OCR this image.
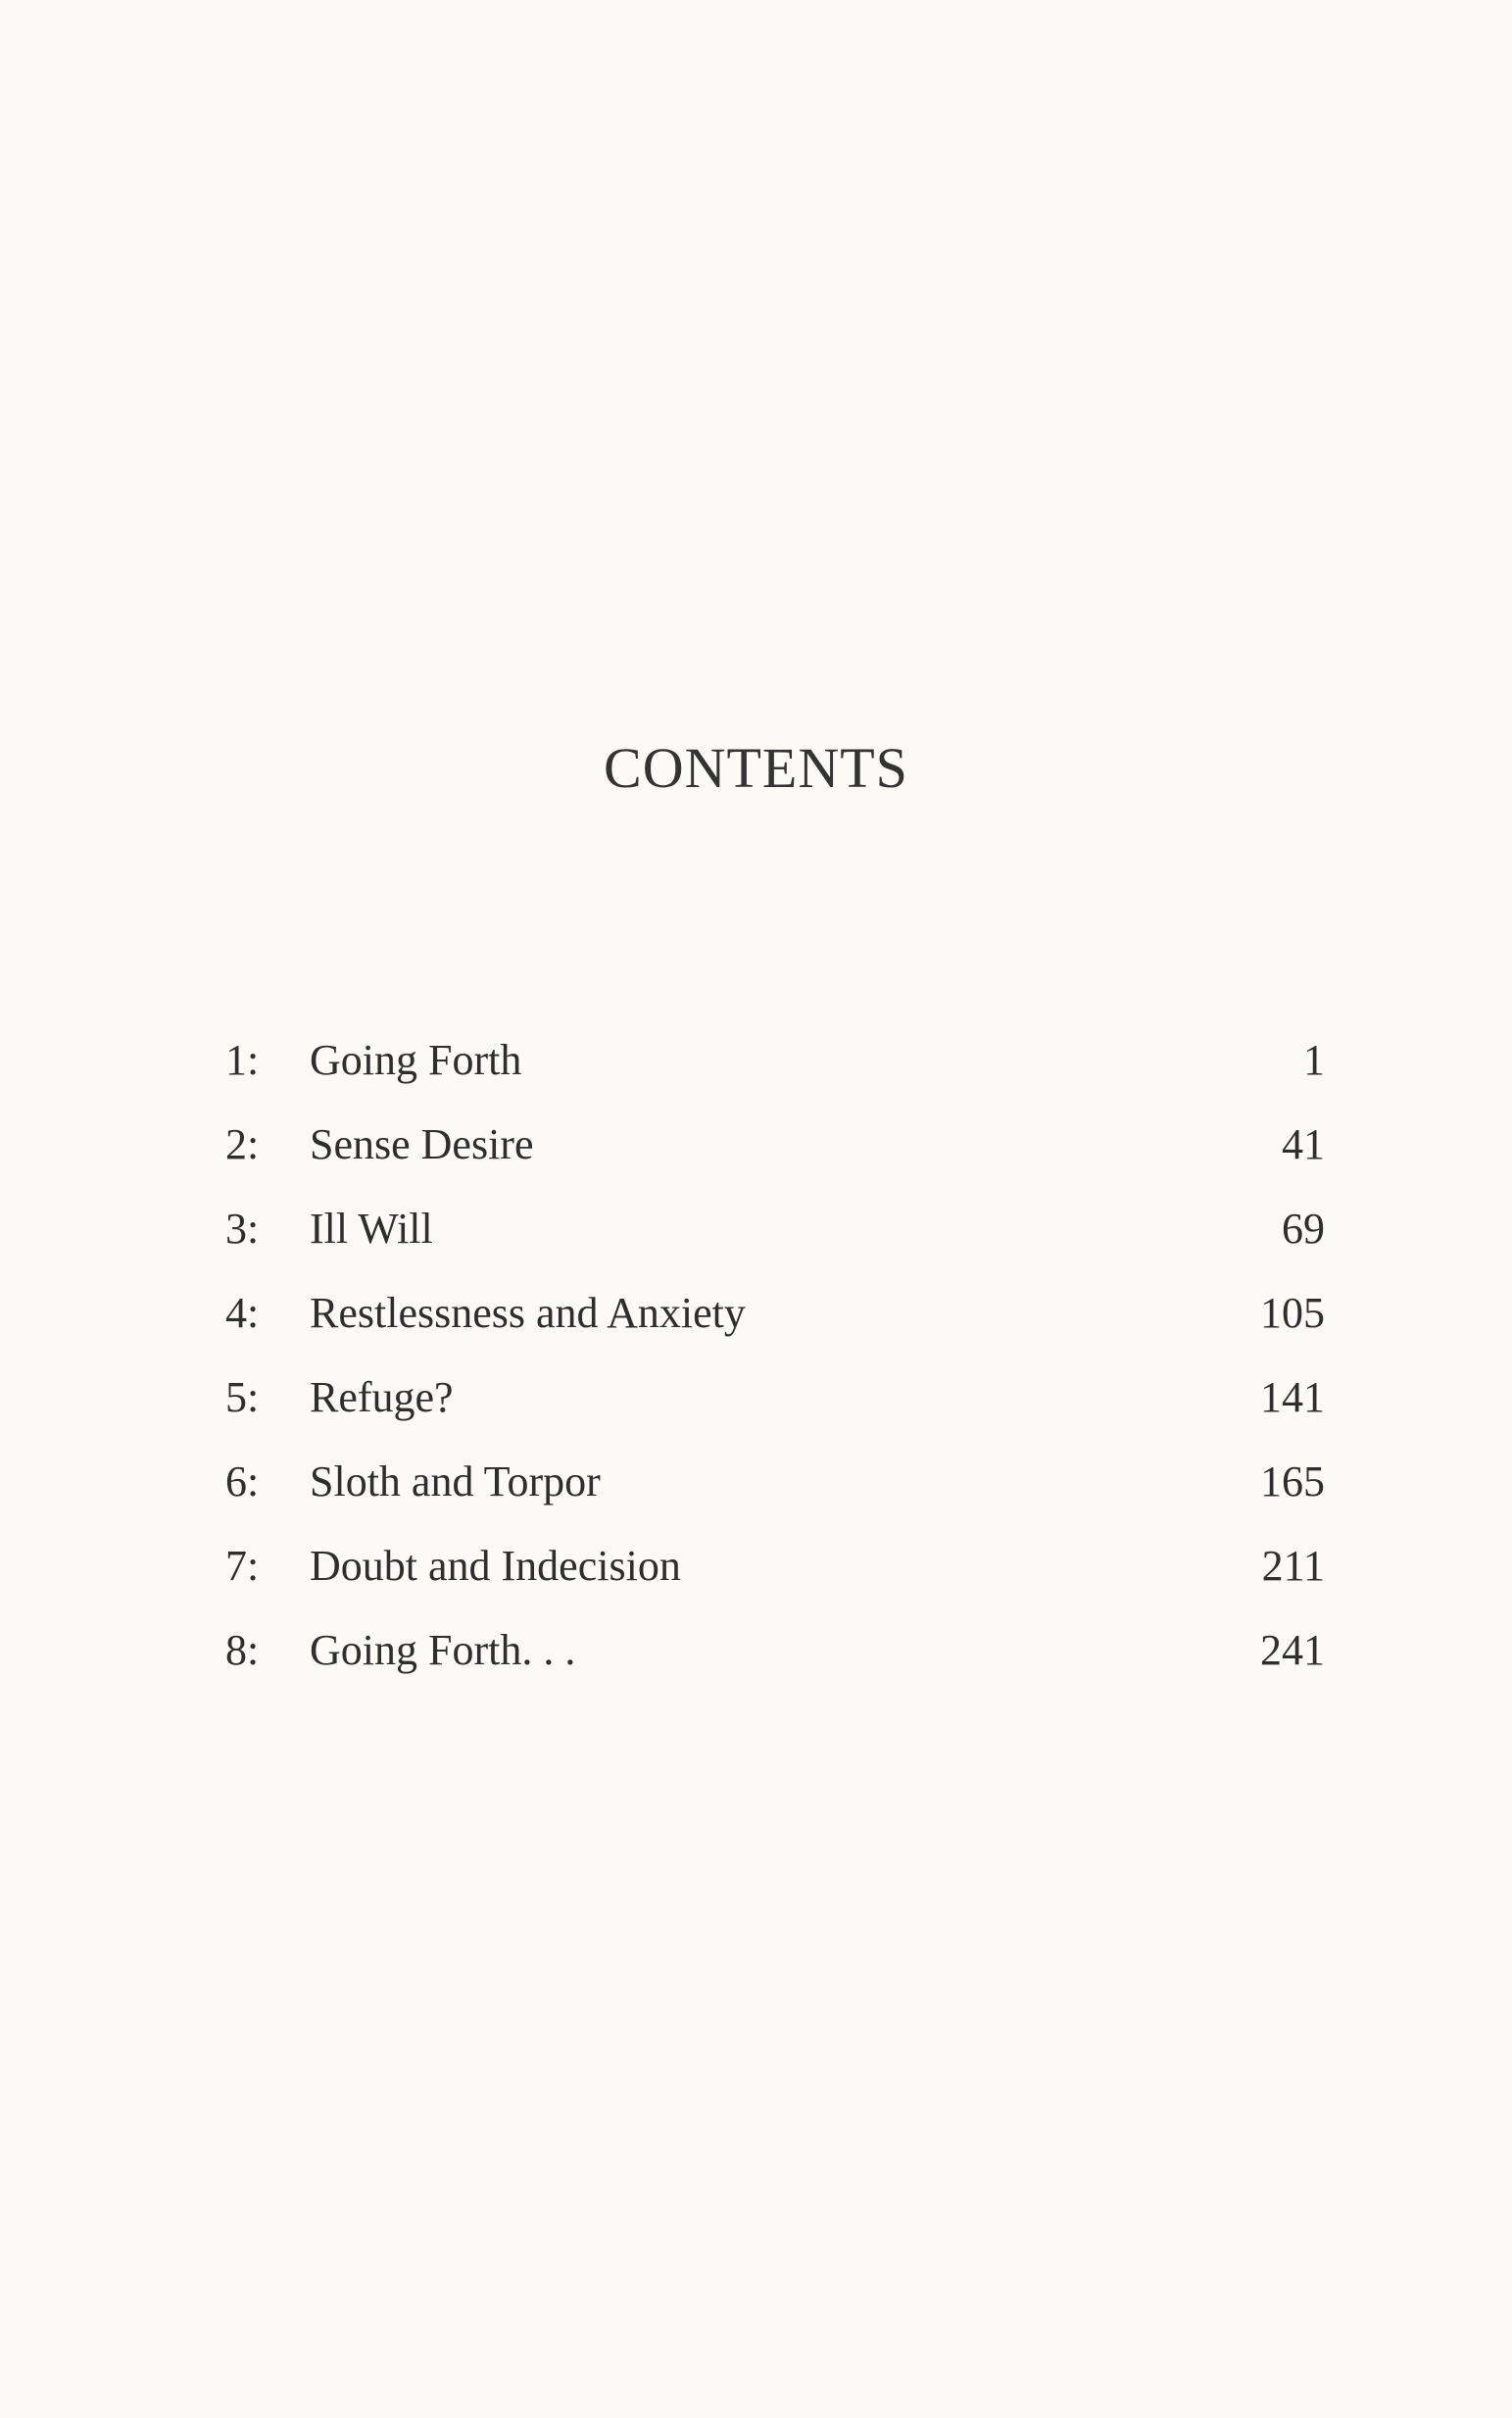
CONTENTS
1:	Going Forth	1
2:	Sense Desire	41
3:	Ill Will	69
4:	Restlessness and Anxiety	105
5:	Refuge?	141
6:	Sloth and Torpor	165
7:	Doubt and Indecision	211
8:	Going Forth. . .	241
